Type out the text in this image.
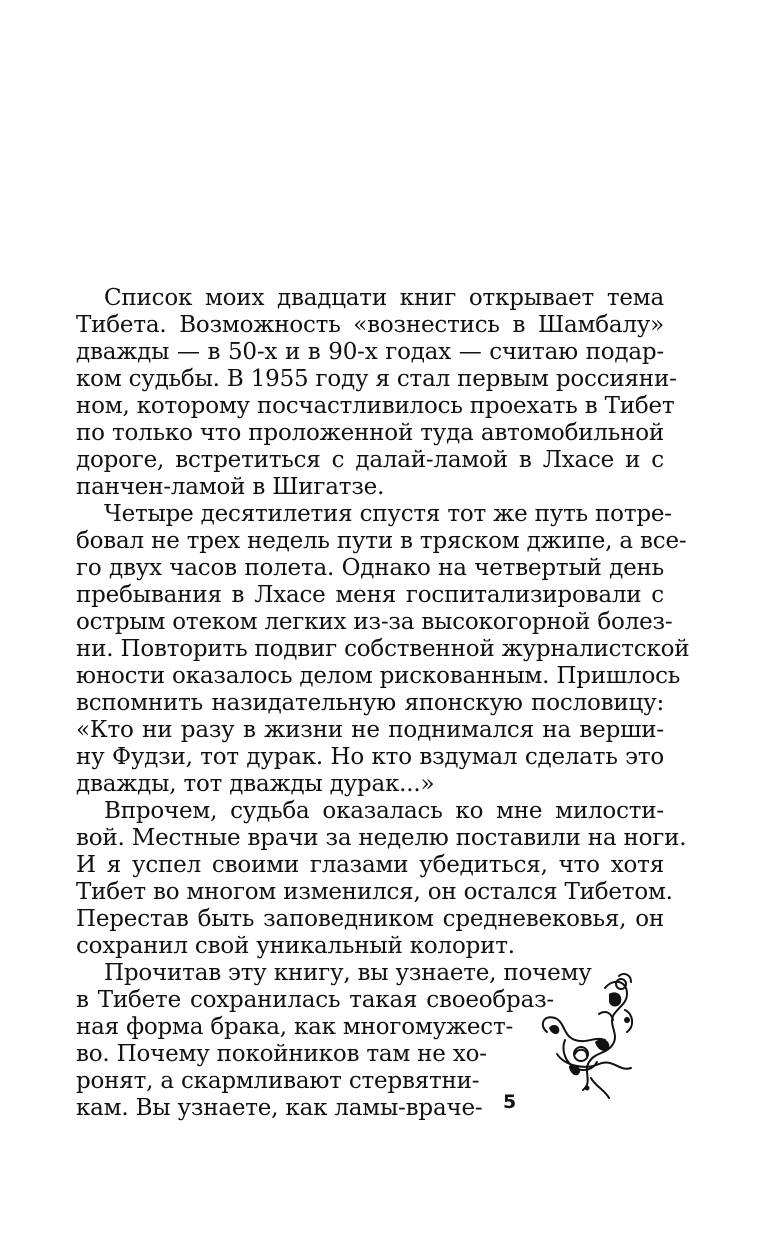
Список моих двадцати книг открывает тема
Тибета. Возможность «вознестись в Шамбалу»
дважды — в 50-х и в 90-х годах — считаю подар-
ком судьбы. В 1955 году я стал первым россияни-
ном, которому посчастливилось проехать в Тибет
по только что проложенной туда автомобильной
дороге, встретиться с далай-ламой в Лхасе и с
панчен-ламой в Шигатзе.
Четыре десятилетия спустя тот же путь потре-
бовал не трех недель пути в тряском джипе, а все-
го двух часов полета. Однако на четвертый день
пребывания в Лхасе меня госпитализировали с
острым отеком легких из-за высокогорной болез-
ни. Повторить подвиг собственной журналистской
юности оказалось делом рискованным. Пришлось
вспомнить назидательную японскую пословицу:
«Кто ни разу в жизни не поднимался на верши-
ну Фудзи, тот дурак. Но кто вздумал сделать это
дважды, тот дважды дурак...»
Впрочем, судьба оказалась ко мне милости-
вой. Местные врачи за неделю поставили на ноги.
И я успел своими глазами убедиться, что хотя
Тибет во многом изменился, он остался Тибетом.
Перестав быть заповедником средневековья, он
сохранил свой уникальный колорит.
Прочитав эту книгу, вы узнаете, почему
в Тибете сохранилась такая своеобраз-
ная форма брака, как многомужест-
во. Почему покойников там не хо-
ронят, а скармливают стервятни-
кам. Вы узнаете, как ламы-враче- 5
